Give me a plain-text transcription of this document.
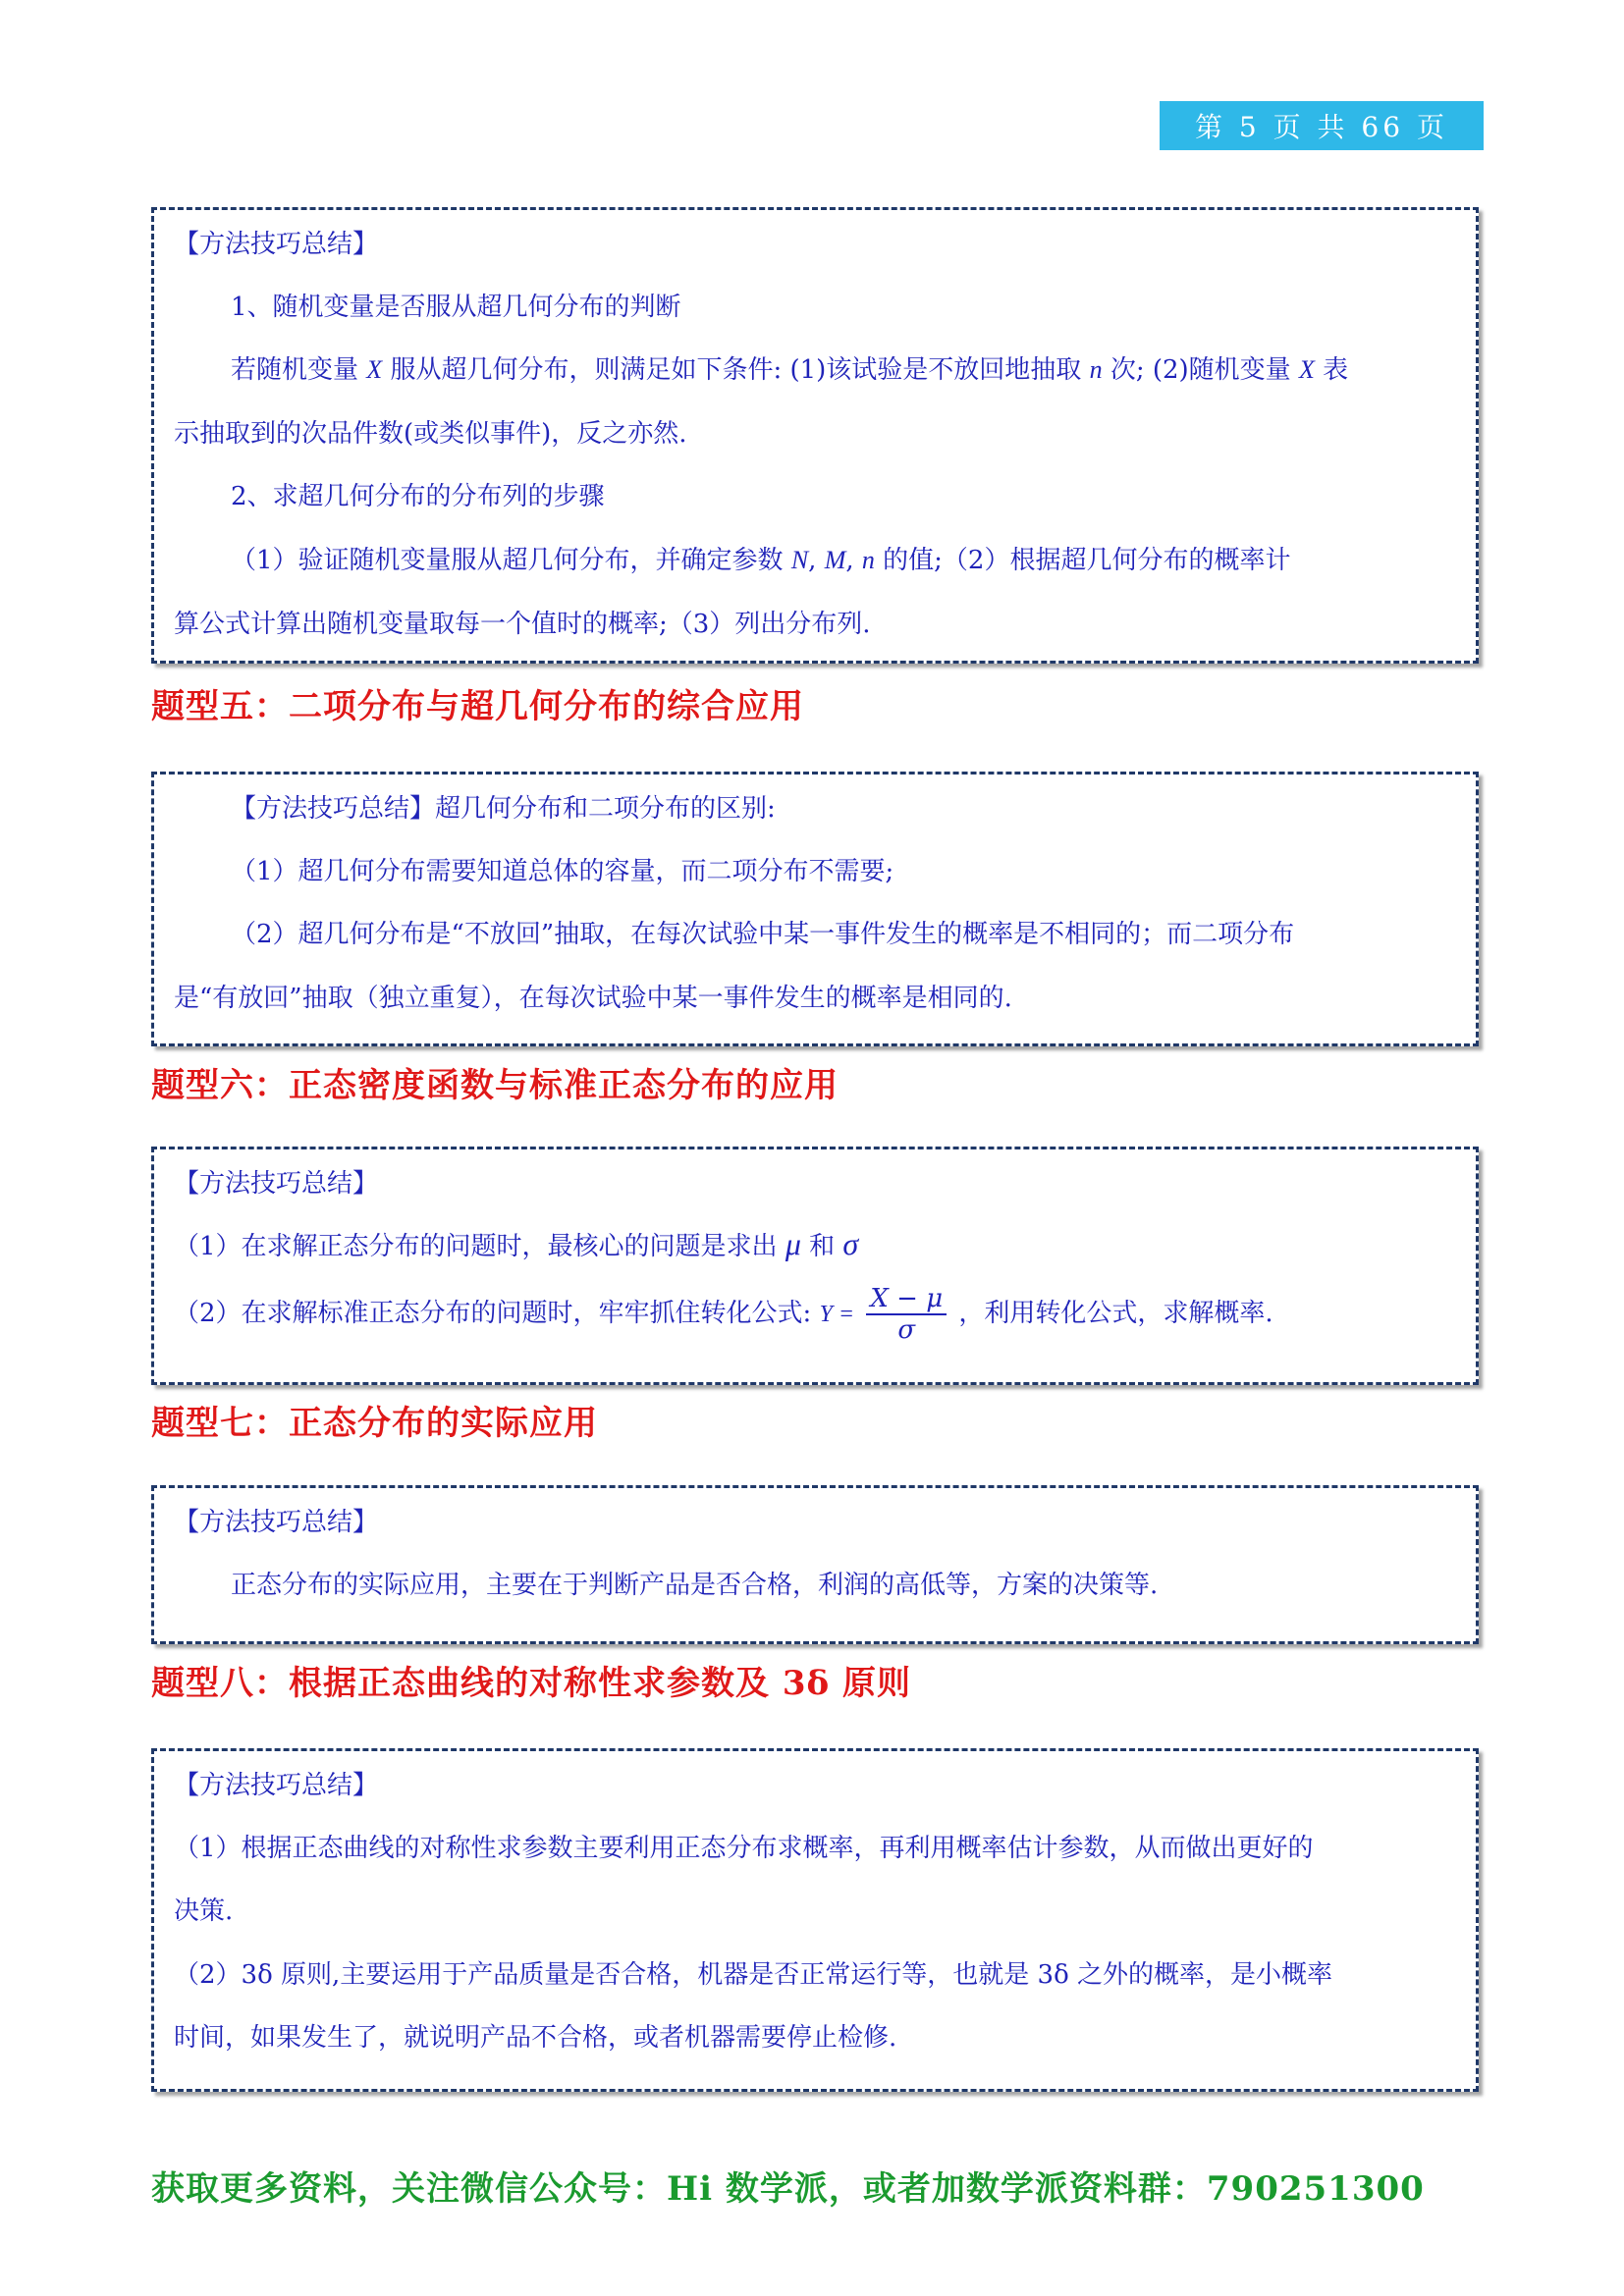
第 5 页 共 66 页

【方法技巧总结】

1、随机变量是否服从超几何分布的判断

若随机变量 X 服从超几何分布，则满足如下条件: (1)该试验是不放回地抽取 n 次; (2)随机变量 X 表

示抽取到的次品件数(或类似事件)，反之亦然.

2、求超几何分布的分布列的步骤

（1）验证随机变量服从超几何分布，并确定参数 N, M, n 的值;（2）根据超几何分布的概率计

算公式计算出随机变量取每一个值时的概率;（3）列出分布列.

题型五：二项分布与超几何分布的综合应用

【方法技巧总结】超几何分布和二项分布的区别:

（1）超几何分布需要知道总体的容量，而二项分布不需要;

（2）超几何分布是“不放回”抽取，在每次试验中某一事件发生的概率是不相同的；而二项分布

是“有放回”抽取（独立重复），在每次试验中某一事件发生的概率是相同的.

题型六：正态密度函数与标准正态分布的应用

【方法技巧总结】

（1）在求解正态分布的问题时，最核心的问题是求出 μ 和 σ

（2）在求解标准正态分布的问题时，牢牢抓住转化公式: $Y = \frac{X - \mu}{\sigma}$ ，利用转化公式，求解概率.

题型七：正态分布的实际应用

【方法技巧总结】

正态分布的实际应用，主要在于判断产品是否合格，利润的高低等，方案的决策等.

题型八：根据正态曲线的对称性求参数及 3δ 原则

【方法技巧总结】

（1）根据正态曲线的对称性求参数主要利用正态分布求概率，再利用概率估计参数，从而做出更好的

决策.

（2）3δ 原则,主要运用于产品质量是否合格，机器是否正常运行等，也就是 3δ 之外的概率，是小概率

时间，如果发生了，就说明产品不合格，或者机器需要停止检修.

获取更多资料，关注微信公众号：Hi 数学派，或者加数学派资料群：790251300
